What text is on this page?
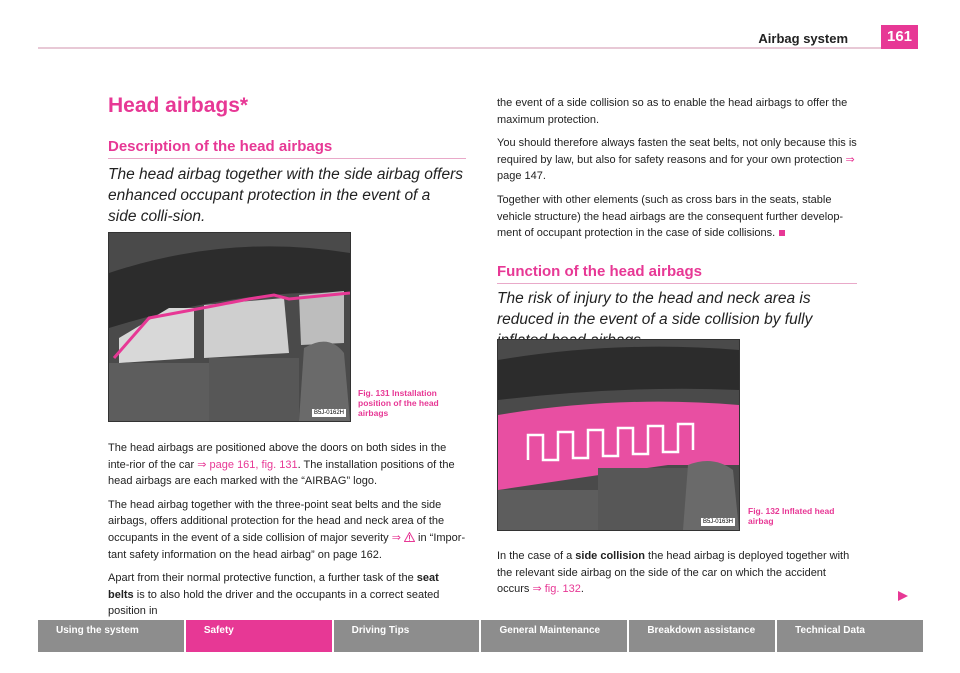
Airbag system	161
Head airbags*
Description of the head airbags

The head airbag together with the side airbag offers enhanced occupant protection in the event of a side colli-sion.

B5J-0162H
Fig. 131 Installation position of the head airbags

The head airbags are positioned above the doors on both sides in the inte-rior of the car ⇒ page 161, fig. 131. The installation positions of the head airbags are each marked with the “AIRBAG” logo.

The head airbag together with the three-point seat belts and the side airbags, offers additional protection for the head and neck area of the occupants in the event of a side collision of major severity ⇒  in “Impor-tant safety information on the head airbag” on page 162.

Apart from their normal protective function, a further task of the seat belts is to also hold the driver and the occupants in a correct seated position in

the event of a side collision so as to enable the head airbags to offer the maximum protection.

You should therefore always fasten the seat belts, not only because this is required by law, but also for safety reasons and for your own protection ⇒ page 147.

Together with other elements (such as cross bars in the seats, stable vehicle structure) the head airbags are the consequent further develop-ment of occupant protection in the case of side collisions.

Function of the head airbags

The risk of injury to the head and neck area is reduced in the event of a side collision by fully

B5J-0163H
Fig. 132 Inflated head airbag

In the case of a side collision the head airbag is deployed together with the relevant side airbag on the side of the car on which the accident occurs ⇒ fig. 132.

Using the system	Safety	Driving Tips	General Maintenance	Breakdown assistance	Technical Data
